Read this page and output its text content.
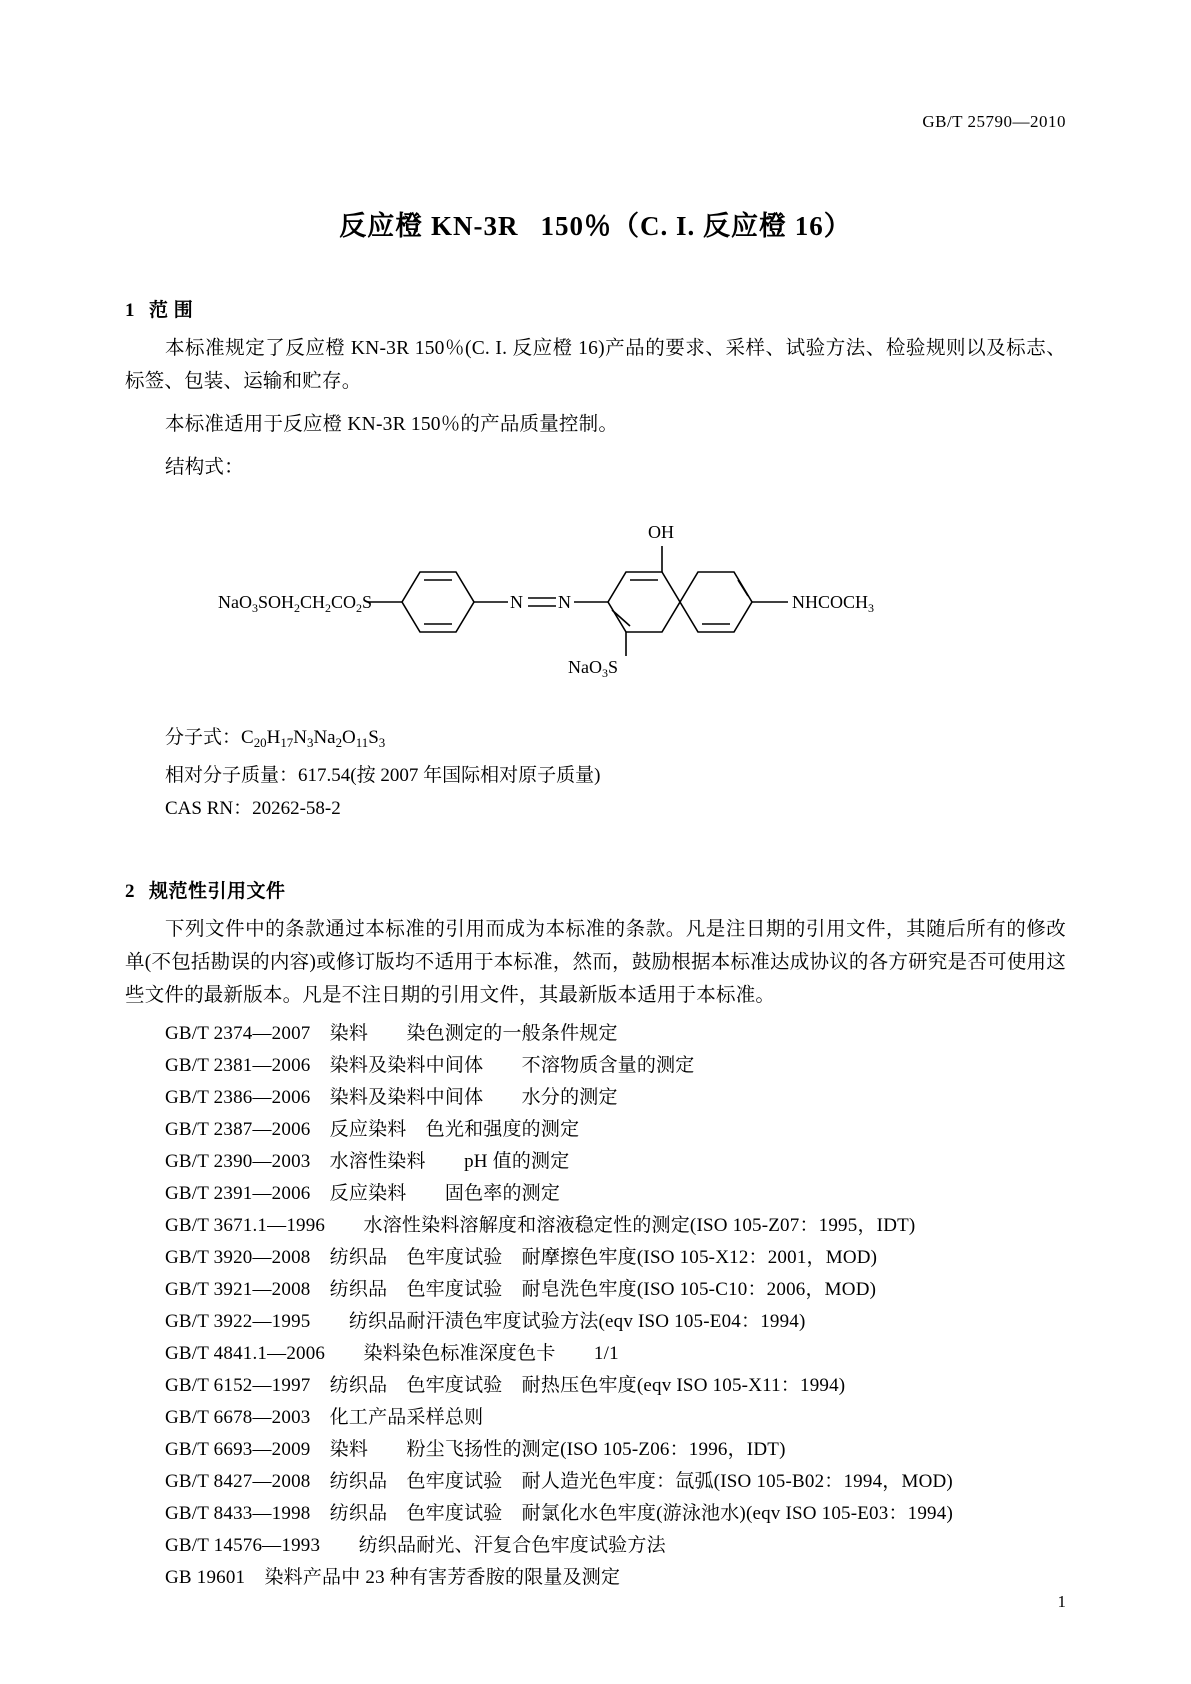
GB/T 25790—2010
反应橙 KN-3R 150％（C. I. 反应橙 16）
1 范 围

本标准规定了反应橙 KN-3R 150％(C. I. 反应橙 16)产品的要求、采样、试验方法、检验规则以及标志、标签、包装、运输和贮存。

本标准适用于反应橙 KN-3R 150％的产品质量控制。

结构式：

$NaO_3SOH_2CH_2CO_2S$	N N
OH
NaO$_3$S
$NHCOCH_3$
分子式：$C_{20}H_{17}N_3Na_2O_{11}S_3$
相对分子质量：617.54(按 2007 年国际相对原子质量)
CAS RN：20262-58-2
2 规范性引用文件

下列文件中的条款通过本标准的引用而成为本标准的条款。凡是注日期的引用文件，其随后所有的修改单(不包括勘误的内容)或修订版均不适用于本标准，然而，鼓励根据本标准达成协议的各方研究是否可使用这些文件的最新版本。凡是不注日期的引用文件，其最新版本适用于本标准。

GB/T 2374—2007　染料　　染色测定的一般条件规定
GB/T 2381—2006　染料及染料中间体　　不溶物质含量的测定
GB/T 2386—2006　染料及染料中间体　　水分的测定
GB/T 2387—2006　反应染料　色光和强度的测定
GB/T 2390—2003　水溶性染料　　pH 值的测定
GB/T 2391—2006　反应染料　　固色率的测定
GB/T 3671.1—1996　　水溶性染料溶解度和溶液稳定性的测定(ISO 105-Z07：1995，IDT)
GB/T 3920—2008　纺织品　色牢度试验　耐摩擦色牢度(ISO 105-X12：2001，MOD)
GB/T 3921—2008　纺织品　色牢度试验　耐皂洗色牢度(ISO 105-C10：2006，MOD)
GB/T 3922—1995　　纺织品耐汗渍色牢度试验方法(eqv ISO 105-E04：1994)
GB/T 4841.1—2006　　染料染色标准深度色卡　　1/1
GB/T 6152—1997　纺织品　色牢度试验　耐热压色牢度(eqv ISO 105-X11：1994)
GB/T 6678—2003　化工产品采样总则
GB/T 6693—2009　染料　　粉尘飞扬性的测定(ISO 105-Z06：1996，IDT)
GB/T 8427—2008　纺织品　色牢度试验　耐人造光色牢度：氙弧(ISO 105-B02：1994，MOD)
GB/T 8433—1998　纺织品　色牢度试验　耐氯化水色牢度(游泳池水)(eqv ISO 105-E03：1994)
GB/T 14576—1993　　纺织品耐光、汗复合色牢度试验方法
GB 19601　染料产品中 23 种有害芳香胺的限量及测定
1
